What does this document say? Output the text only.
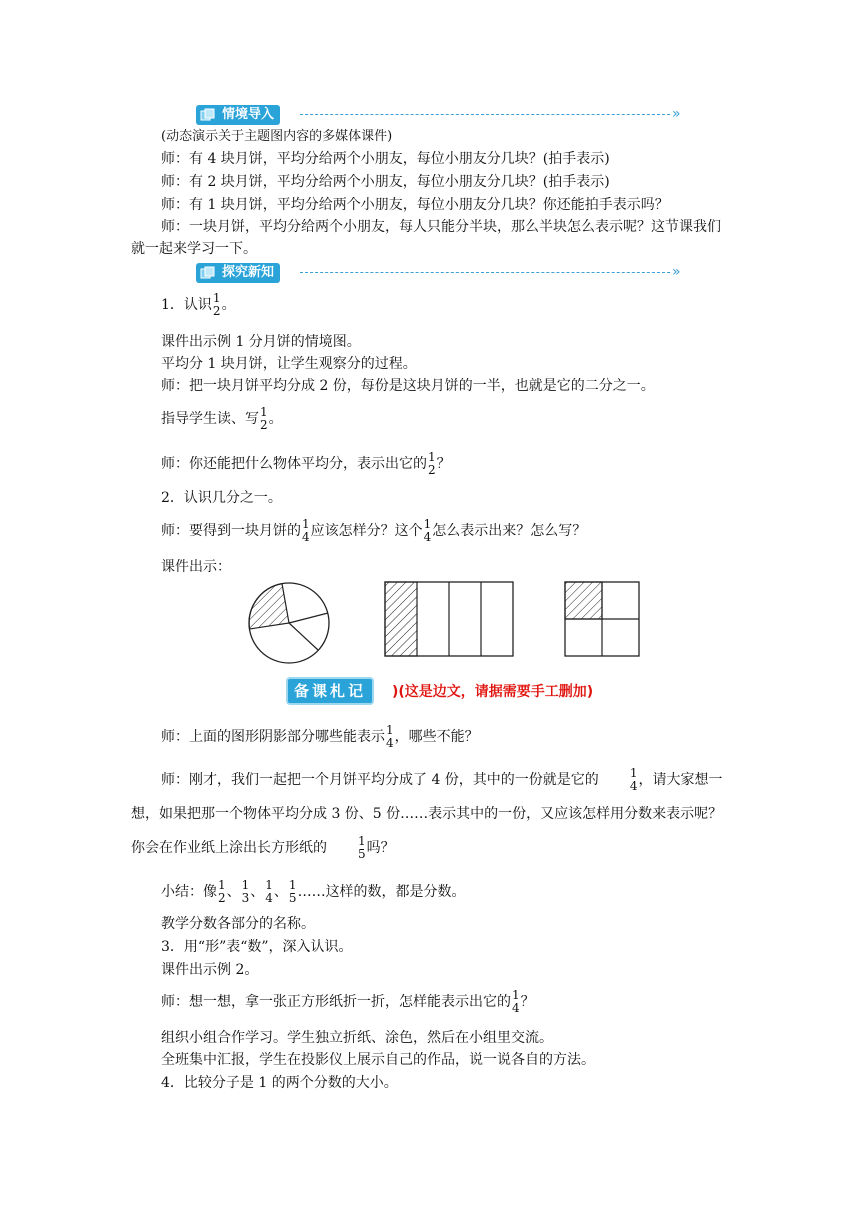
情境导入	»
(动态演示关于主题图内容的多媒体课件)
师：有 4 块月饼，平均分给两个小朋友，每位小朋友分几块？(拍手表示)
师：有 2 块月饼，平均分给两个小朋友，每位小朋友分几块？(拍手表示)
师：有 1 块月饼，平均分给两个小朋友，每位小朋友分几块？你还能拍手表示吗？
师：一块月饼，平均分给两个小朋友，每人只能分半块，那么半块怎么表示呢？这节课我们就一起来学习一下。
探究新知	»
1．认识 1
2 。
课件出示例 1 分月饼的情境图。
平均分 1 块月饼，让学生观察分的过程。
师：把一块月饼平均分成 2 份，每份是这块月饼的一半，也就是它的二分之一。
指导学生读、写 1
2 。
师：你还能把什么物体平均分，表示出它的 1
2 ？
2．认识几分之一。
师：要得到一块月饼的 1
4 应该怎样分？这个 1
4 怎么表示出来？怎么写？
课件出示：
备课札记	)(这是边文，请据需要手工删加)
师：上面的图形阴影部分哪些能表示 1
4 ，哪些不能？
师：刚才，我们一起把一个月饼平均分成了 4 份，其中的一份就是它的	1
4 ，请大家想一想，如果把那一个物体平均分成 3 份、5 份……表示其中的一份，又应该怎样用分数来表示呢？你会在作业纸上涂出长方形纸的	1
5 吗？
小结：像 1
2 、 1
3 、 1
4 、 1
5 ……这样的数，都是分数。
教学分数各部分的名称。
3．用“形”表“数”，深入认识。
课件出示例 2。
师：想一想，拿一张正方形纸折一折，怎样能表示出它的 1
4 ？
组织小组合作学习。学生独立折纸、涂色，然后在小组里交流。
全班集中汇报，学生在投影仪上展示自己的作品，说一说各自的方法。
4．比较分子是 1 的两个分数的大小。
